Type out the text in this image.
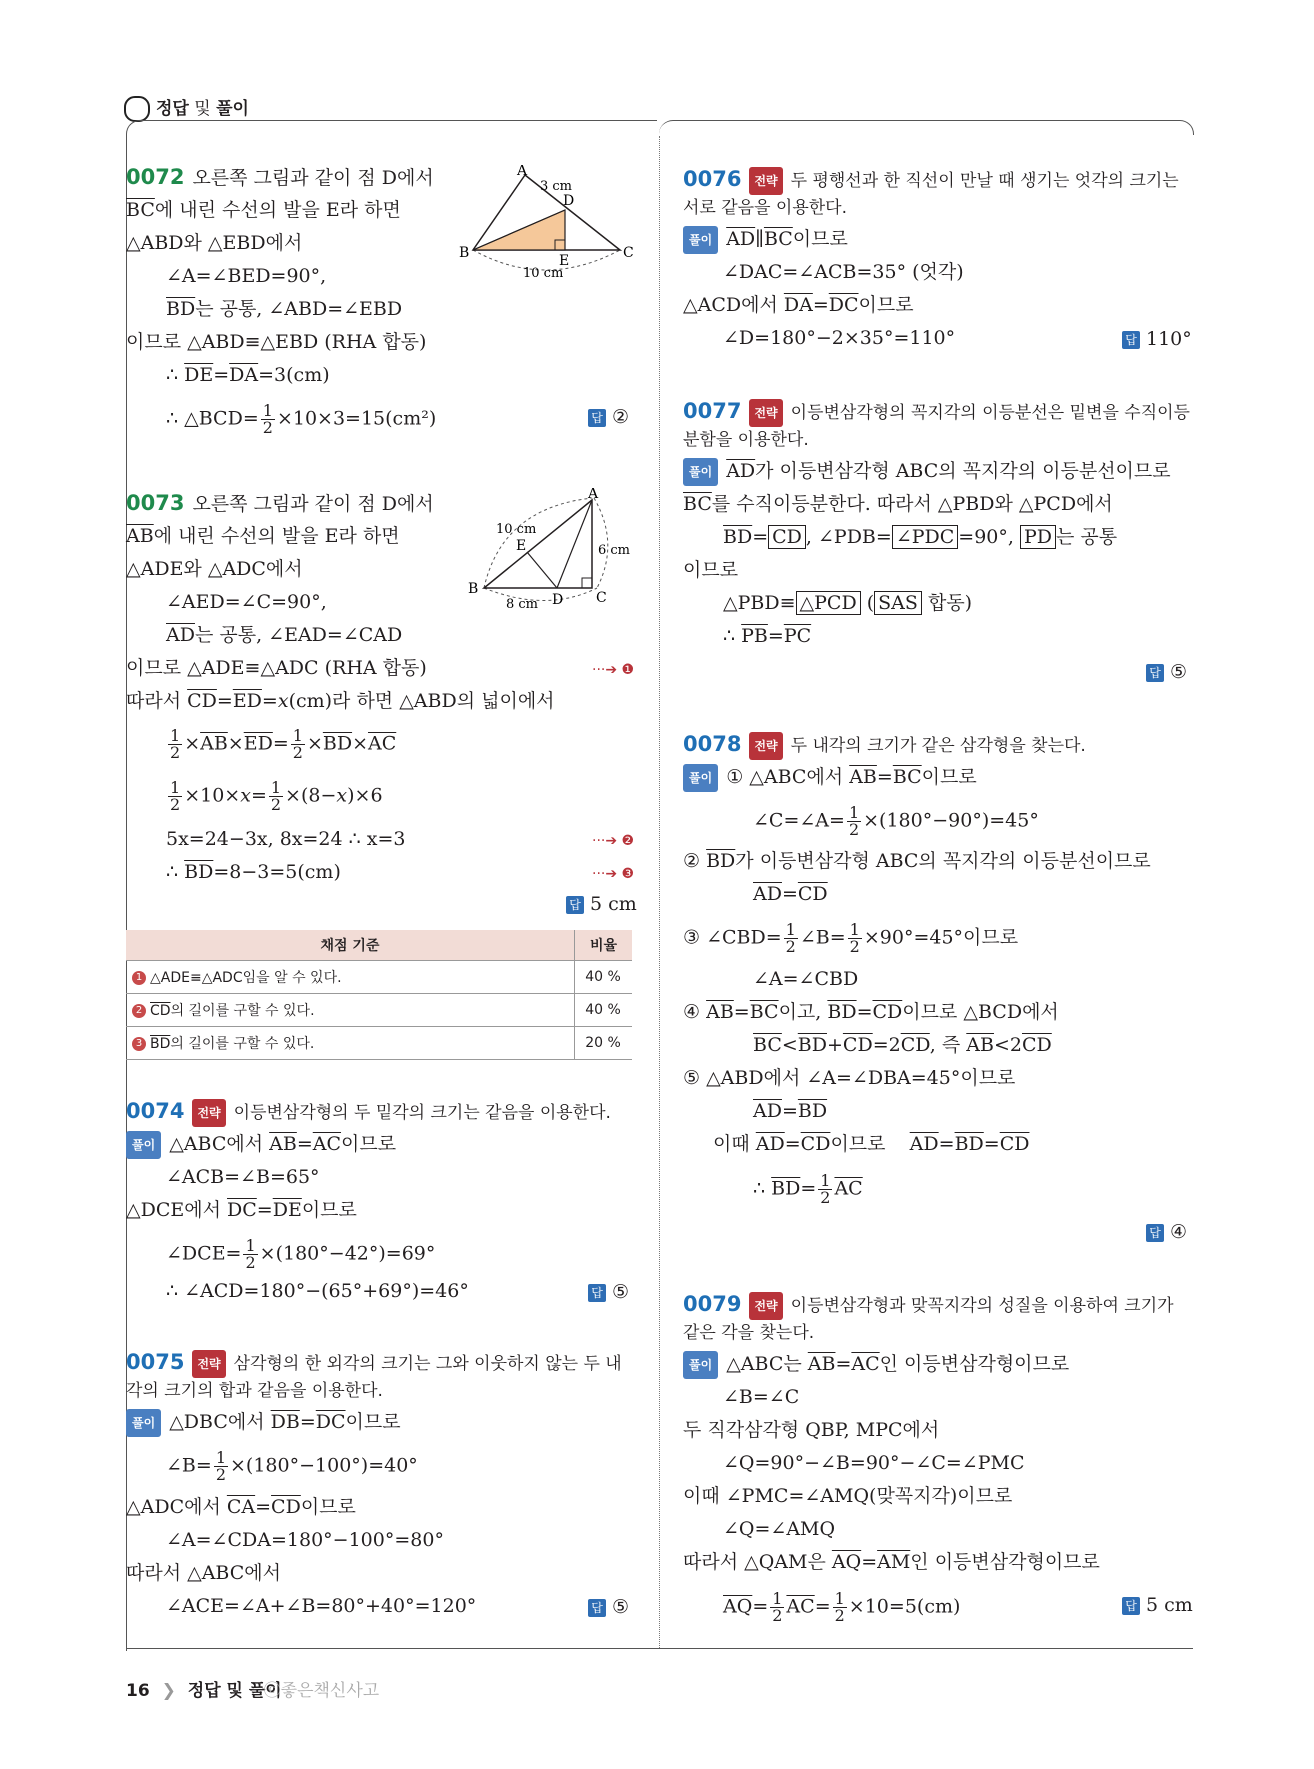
정답 및 풀이
0072 오른쪽 그림과 같이 점 D에서
$\overline{BC}$에 내린 수선의 발을 E라 하면
△ABD와 △EBD에서
∠A=∠BED=90°,
$\overline{BD}$는 공통, ∠ABD=∠EBD
이므로 △ABD≡△EBD (RHA 합동)
∴ $\overline{DE}=\overline{DA}=3(cm)$
∴ △BCD= $\frac{1}{2} \times 10\times 3=15(cm^2)$	답 ②
A
B	C
D
E
3 cm
10 cm
0073 오른쪽 그림과 같이 점 D에서
$\overline{AB}$에 내린 수선의 발을 E라 하면
△ADE와 △ADC에서
∠AED=∠C=90°,
$\overline{AD}$는 공통, ∠EAD=∠CAD
이므로 △ADE≡△ADC (RHA 합동)	···➔ ❶
따라서 $\overline{CD}=\overline{ED}=x(cm)$라 하면 △ABD의 넓이에서
$\frac{1}{2} \times\overline{AB}\times\overline{ED}= \frac{1}{2} \times\overline{BD}\times\overline{AC}$
$\frac{1}{2} \times 10\times x= \frac{1}{2} \times(8-x)\times 6$
5x=24−3x, 8x=24 ∴ x=3	···➔ ❷
∴ $\overline{BD}=8-3=5(cm)$	···➔ ❸
답 5 cm
A
B
C
D
E
10 cm
6 cm
8 cm
채점 기준	비율
1 △ADE≡△ADC임을 알 수 있다.	40 %
2 $\overline{CD}$의 길이를 구할 수 있다.	40 %
3 $\overline{BD}$의 길이를 구할 수 있다.	20 %
0074 전략 이등변삼각형의 두 밑각의 크기는 같음을 이용한다.
풀이 △ABC에서 $\overline{AB}=\overline{AC}$이므로
∠ACB=∠B=65°
△DCE에서 $\overline{DC}=\overline{DE}$이므로
∠DCE= $\frac{1}{2} \times(180^\circ-42^\circ)=69^\circ$
∴ ∠ACD=180°−(65°+69°)=46°	답 ⑤
0075 전략 삼각형의 한 외각의 크기는 그와 이웃하지 않는 두 내
각의 크기의 합과 같음을 이용한다.
풀이 △DBC에서 $\overline{DB}=\overline{DC}$이므로
∠B= $\frac{1}{2} \times(180^\circ-100^\circ)=40^\circ$
△ADC에서 $\overline{CA}=\overline{CD}$이므로
∠A=∠CDA=180°−100°=80°
따라서 △ABC에서
∠ACE=∠A+∠B=80°+40°=120°	답 ⑤
0076 전략 두 평행선과 한 직선이 만날 때 생기는 엇각의 크기는
서로 같음을 이용한다.
풀이 $\overline{AD}\parallel\overline{BC}$이므로
∠DAC=∠ACB=35° (엇각)
△ACD에서 $\overline{DA}=\overline{DC}$이므로
∠D=180°−2×35°=110°	답 110°
0077 전략 이등변삼각형의 꼭지각의 이등분선은 밑변을 수직이등
분함을 이용한다.
풀이 $\overline{AD}$가 이등변삼각형 ABC의 꼭지각의 이등분선이므로
$\overline{BC}$를 수직이등분한다. 따라서 △PBD와 △PCD에서
$\overline{BD}= \overline{CD}$ , ∠PDB= ∠PDC =90°, $\overline{PD}$ 는 공통
이므로
△PBD≡ △PCD ( SAS 합동)
∴ $\overline{PB}=\overline{PC}$
답 ⑤
0078 전략 두 내각의 크기가 같은 삼각형을 찾는다.
풀이 ① △ABC에서 $\overline{AB}=\overline{BC}$이므로
∠C=∠A= $\frac{1}{2} \times(180^\circ-90^\circ)=45^\circ$
② $\overline{BD}$가 이등변삼각형 ABC의 꼭지각의 이등분선이므로
$\overline{AD}=\overline{CD}$
③ ∠CBD= $\frac{1}{2}$ ∠B= $\frac{1}{2} \times 90^\circ=45^\circ$이므로
∠A=∠CBD
④ $\overline{AB}=\overline{BC}$이고, $\overline{BD}=\overline{CD}$이므로 △BCD에서
$\overline{BC}<\overline{BD}+\overline{CD}=2\overline{CD}$, 즉 $\overline{AB}<2\overline{CD}$
⑤ △ABD에서 ∠A=∠DBA=45°이므로
$\overline{AD}=\overline{BD}$
이때 $\overline{AD}=\overline{CD}$이므로 $\overline{AD}=\overline{BD}=\overline{CD}$
∴ $\overline{BD}= \frac{1}{2} \overline{AC}$
답 ④
0079 전략 이등변삼각형과 맞꼭지각의 성질을 이용하여 크기가
같은 각을 찾는다.
풀이 △ABC는 $\overline{AB}=\overline{AC}$인 이등변삼각형이므로
∠B=∠C
두 직각삼각형 QBP, MPC에서
∠Q=90°−∠B=90°−∠C=∠PMC
이때 ∠PMC=∠AMQ(맞꼭지각)이므로
∠Q=∠AMQ
따라서 △QAM은 $\overline{AQ}=\overline{AM}$인 이등변삼각형이므로
$\overline{AQ}= \frac{1}{2} \overline{AC}= \frac{1}{2} \times 10=5(cm)$	답 5 cm
16 ❯ 정답 및 풀이 ⓒ좋은책신사고
